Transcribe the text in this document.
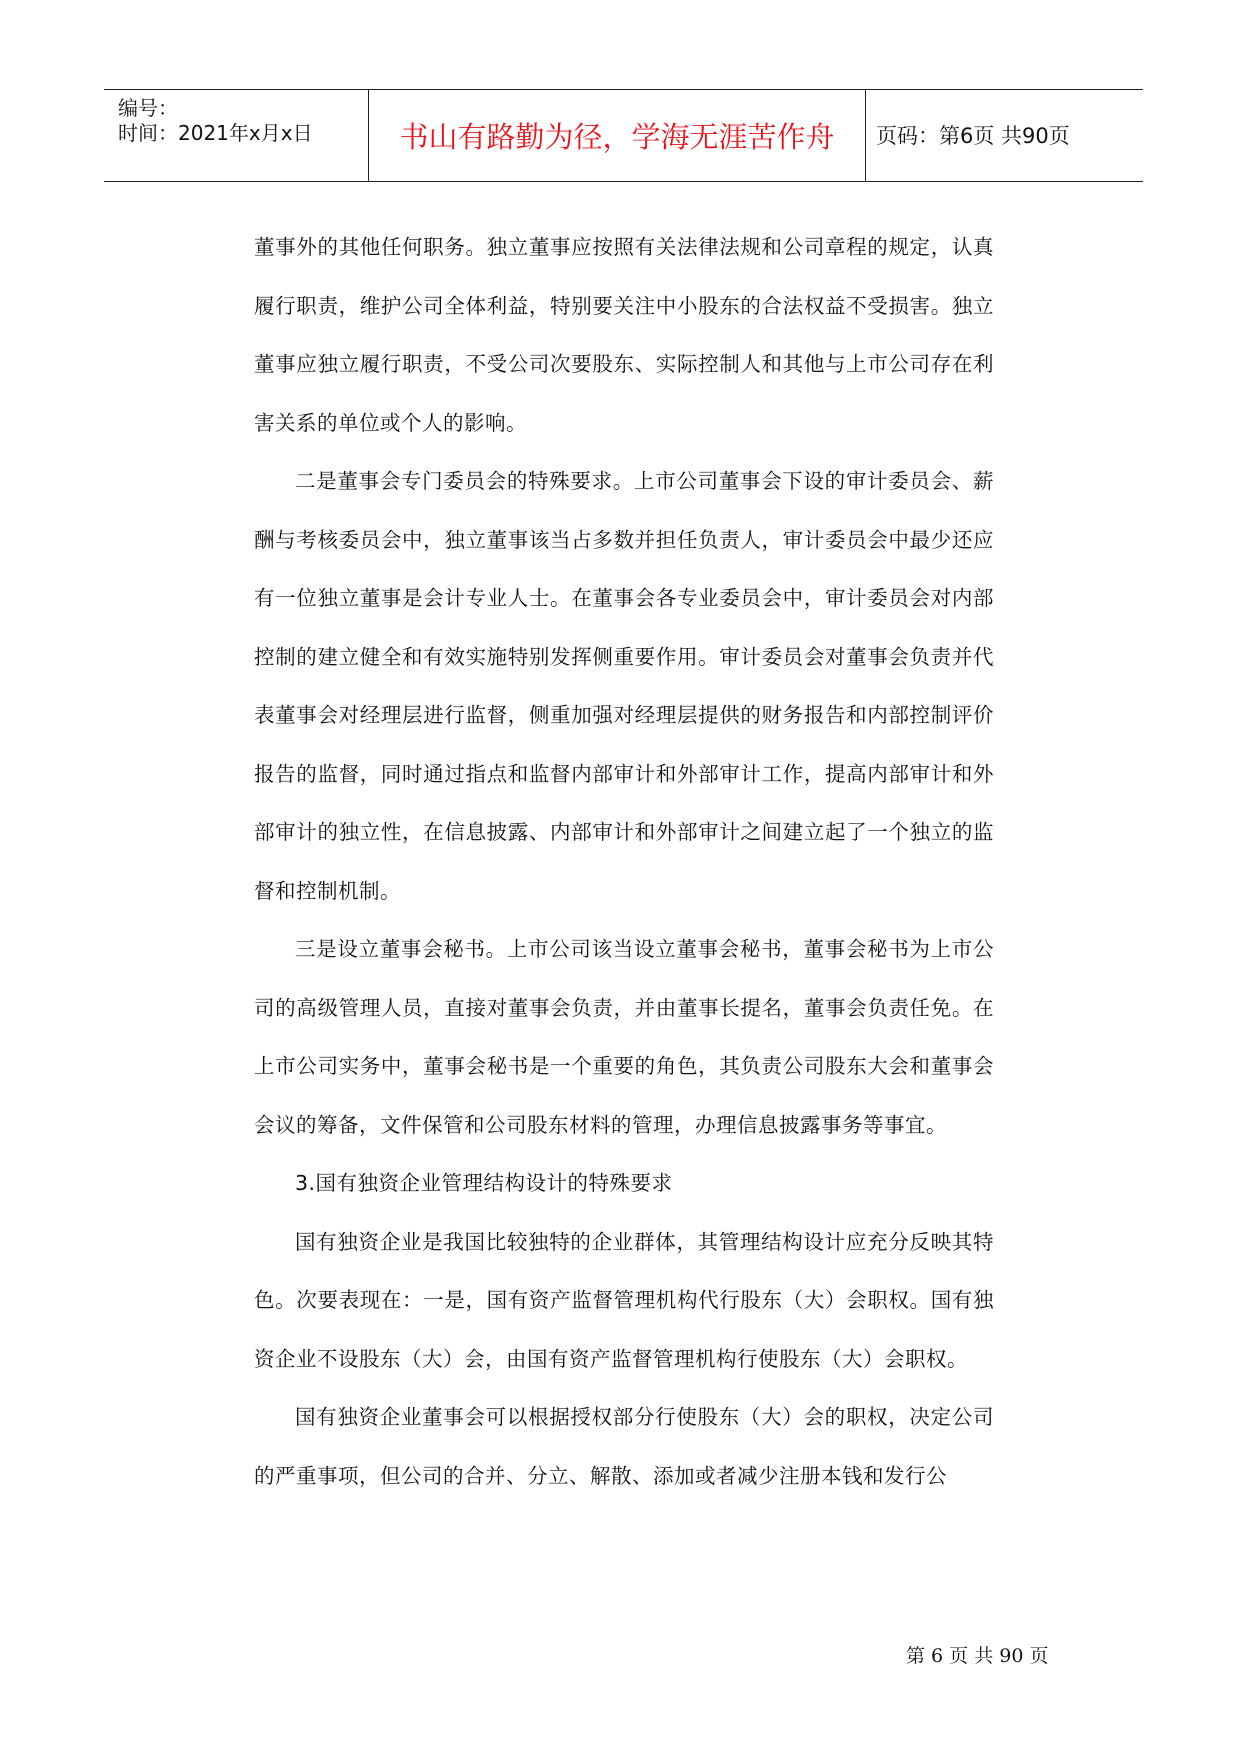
编号：
时间：2021年x月x日	书山有路勤为径，学海无涯苦作舟	页码：第6页 共90页

董事外的其他任何职务。独立董事应按照有关法律法规和公司章程的规定，认真履行职责，维护公司全体利益，特别要关注中小股东的合法权益不受损害。独立董事应独立履行职责，不受公司次要股东、实际控制人和其他与上市公司存在利害关系的单位或个人的影响。

二是董事会专门委员会的特殊要求。上市公司董事会下设的审计委员会、薪酬与考核委员会中，独立董事该当占多数并担任负责人，审计委员会中最少还应有一位独立董事是会计专业人士。在董事会各专业委员会中，审计委员会对内部控制的建立健全和有效实施特别发挥侧重要作用。审计委员会对董事会负责并代表董事会对经理层进行监督，侧重加强对经理层提供的财务报告和内部控制评价报告的监督，同时通过指点和监督内部审计和外部审计工作，提高内部审计和外部审计的独立性，在信息披露、内部审计和外部审计之间建立起了一个独立的监督和控制机制。

三是设立董事会秘书。上市公司该当设立董事会秘书，董事会秘书为上市公司的高级管理人员，直接对董事会负责，并由董事长提名，董事会负责任免。在上市公司实务中，董事会秘书是一个重要的角色，其负责公司股东大会和董事会会议的筹备，文件保管和公司股东材料的管理，办理信息披露事务等事宜。

3.国有独资企业管理结构设计的特殊要求

国有独资企业是我国比较独特的企业群体，其管理结构设计应充分反映其特色。次要表现在：一是，国有资产监督管理机构代行股东（大）会职权。国有独资企业不设股东（大）会，由国有资产监督管理机构行使股东（大）会职权。

国有独资企业董事会可以根据授权部分行使股东（大）会的职权，决定公司的严重事项，但公司的合并、分立、解散、添加或者减少注册本钱和发行公

第 6 页 共 90 页
